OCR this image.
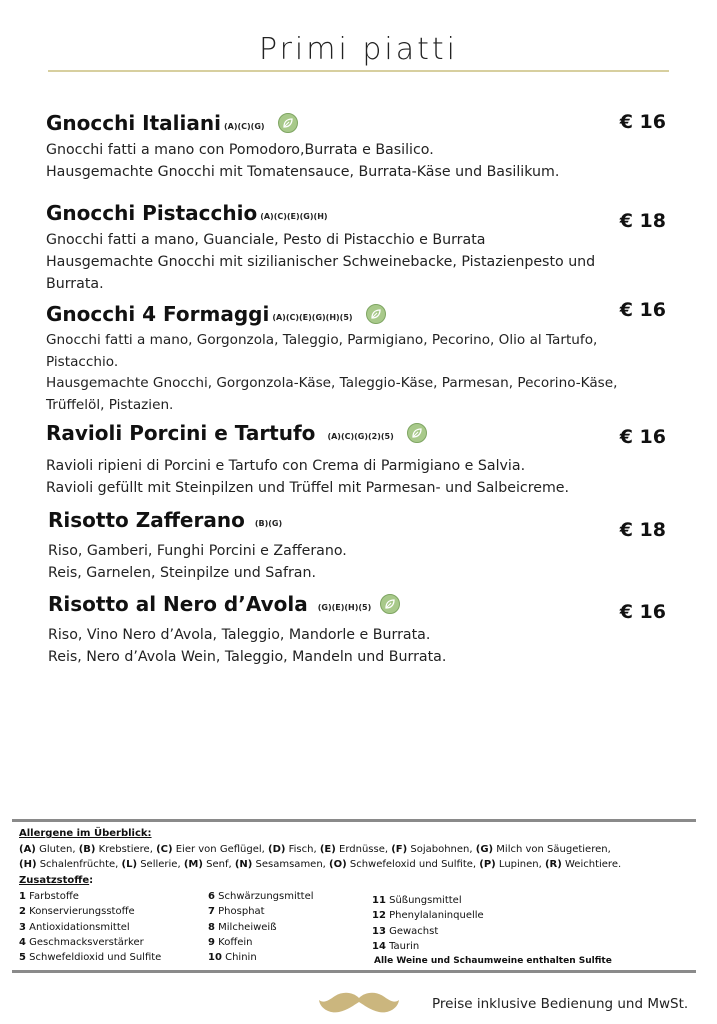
Primi piatti
Gnocchi Italiani (A)(C)(G)	€ 16

Gnocchi fatti a mano con Pomodoro,Burrata e Basilico.

Hausgemachte Gnocchi mit Tomatensauce, Burrata-Käse und Basilikum.

Gnocchi Pistacchio (A)(C)(E)(G)(H)	€ 18

Gnocchi fatti a mano, Guanciale, Pesto di Pistacchio e Burrata

Hausgemachte Gnocchi mit sizilianischer Schweinebacke, Pistazienpesto und Burrata.

Gnocchi 4 Formaggi (A)(C)(E)(G)(H)(5)	€ 16

Gnocchi fatti a mano, Gorgonzola, Taleggio, Parmigiano, Pecorino, Olio al Tartufo, Pistacchio.

Hausgemachte Gnocchi, Gorgonzola-Käse, Taleggio-Käse, Parmesan, Pecorino-Käse, Trüffelöl, Pistazien.

Ravioli Porcini e Tartufo (A)(C)(G)(2)(5)	€ 16

Ravioli ripieni di Porcini e Tartufo con Crema di Parmigiano e Salvia.

Ravioli gefüllt mit Steinpilzen und Trüffel mit Parmesan- und Salbeicreme.

Risotto Zafferano (B)(G)	€ 18

Riso, Gamberi, Funghi Porcini e Zafferano.

Reis, Garnelen, Steinpilze und Safran.

Risotto al Nero d’Avola (G)(E)(H)(5)	€ 16

Riso, Vino Nero d’Avola, Taleggio, Mandorle e Burrata.

Reis, Nero d’Avola Wein, Taleggio, Mandeln und Burrata.

Allergene im Überblick:
(A) Gluten, (B) Krebstiere, (C) Eier von Geflügel, (D) Fisch, (E) Erdnüsse, (F) Sojabohnen, (G) Milch von Säugetieren,
(H) Schalenfrüchte, (L) Sellerie, (M) Senf, (N) Sesamsamen, (O) Schwefeloxid und Sulfite, (P) Lupinen, (R) Weichtiere.
Zusatzstoffe:
1 Farbstoffe
2 Konservierungsstoffe
3 Antioxidationsmittel
4 Geschmacksverstärker
5 Schwefeldioxid und Sulfite
6 Schwärzungsmittel
7 Phosphat
8 Milcheiweiß
9 Koffein
10 Chinin
11 Süßungsmittel
12 Phenylalaninquelle
13 Gewachst
14 Taurin
Alle Weine und Schaumweine enthalten Sulfite
Preise inklusive Bedienung und MwSt.
